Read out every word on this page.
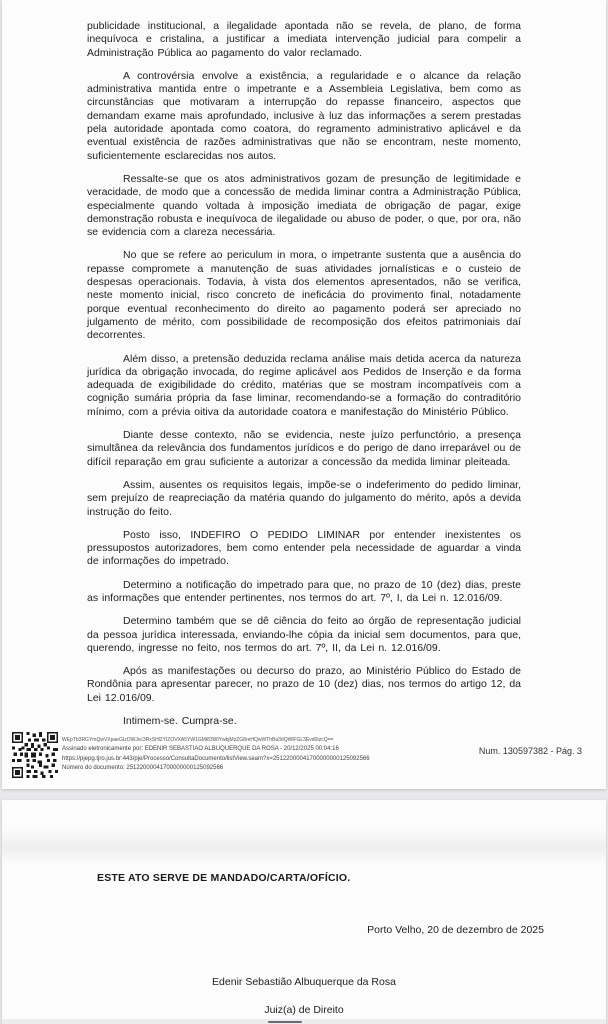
publicidade institucional, a ilegalidade apontada não se revela, de plano, de forma inequívoca e cristalina, a justificar a imediata intervenção judicial para compelir a Administração Pública ao pagamento do valor reclamado.

A controvérsia envolve a existência, a regularidade e o alcance da relação administrativa mantida entre o impetrante e a Assembleia Legislativa, bem como as circunstâncias que motivaram a interrupção do repasse financeiro, aspectos que demandam exame mais aprofundado, inclusive à luz das informações a serem prestadas pela autoridade apontada como coatora, do regramento administrativo aplicável e da eventual existência de razões administrativas que não se encontram, neste momento, suficientemente esclarecidas nos autos.

Ressalte-se que os atos administrativos gozam de presunção de legitimidade e veracidade, de modo que a concessão de medida liminar contra a Administração Pública, especialmente quando voltada à imposição imediata de obrigação de pagar, exige demonstração robusta e inequívoca de ilegalidade ou abuso de poder, o que, por ora, não se evidencia com a clareza necessária.

No que se refere ao periculum in mora, o impetrante sustenta que a ausência do repasse compromete a manutenção de suas atividades jornalísticas e o custeio de despesas operacionais. Todavia, à vista dos elementos apresentados, não se verifica, neste momento inicial, risco concreto de ineficácia do provimento final, notadamente porque eventual reconhecimento do direito ao pagamento poderá ser apreciado no julgamento de mérito, com possibilidade de recomposição dos efeitos patrimoniais daí decorrentes.

Além disso, a pretensão deduzida reclama análise mais detida acerca da natureza jurídica da obrigação invocada, do regime aplicável aos Pedidos de Inserção e da forma adequada de exigibilidade do crédito, matérias que se mostram incompatíveis com a cognição sumária própria da fase liminar, recomendando-se a formação do contraditório mínimo, com a prévia oitiva da autoridade coatora e manifestação do Ministério Público.

Diante desse contexto, não se evidencia, neste juízo perfunctório, a presença simultânea da relevância dos fundamentos jurídicos e do perigo de dano irreparável ou de difícil reparação em grau suficiente a autorizar a concessão da medida liminar pleiteada.

Assim, ausentes os requisitos legais, impõe-se o indeferimento do pedido liminar, sem prejuízo de reapreciação da matéria quando do julgamento do mérito, após a devida instrução do feito.

Posto isso, INDEFIRO O PEDIDO LIMINAR por entender inexistentes os pressupostos autorizadores, bem como entender pela necessidade de aguardar a vinda de informações do impetrado.

Determino a notificação do impetrado para que, no prazo de 10 (dez) dias, preste as informações que entender pertinentes, nos termos do art. 7º, I, da Lei n. 12.016/09.

Determino também que se dê ciência do feito ao órgão de representação judicial da pessoa jurídica interessada, enviando-lhe cópia da inicial sem documentos, para que, querendo, ingresse no feito, nos termos do art. 7º, II, da Lei n. 12.016/09.

Após as manifestações ou decurso do prazo, ao Ministério Público do Estado de Rondônia para apresentar parecer, no prazo de 10 (dez) dias, nos termos do artigo 12, da Lei 12.016/09.

Intimem-se. Cumpra-se.

WEpTb3RGYmQwVXpaeGIzOWJvc3RxSHl2YIZOVXA5YW1GMi83WIYwbjMzZG8reHQwWThBa3dQWlFGL3Evd0tzcQ==
Assinado eletronicamente por: EDENIR SEBASTIAO ALBUQUERQUE DA ROSA - 20/12/2025 00:04:16
https://pjepg.tjro.jus.br:443/pje/Processo/ConsultaDocumento/listView.seam?x=25122000041700000000125092566
Número do documento: 25122000041700000000125092566
Num. 130597382 - Pág. 3
ESTE ATO SERVE DE MANDADO/CARTA/OFÍCIO.
Porto Velho, 20 de dezembro de 2025
Edenir Sebastião Albuquerque da Rosa
Juiz(a) de Direito
